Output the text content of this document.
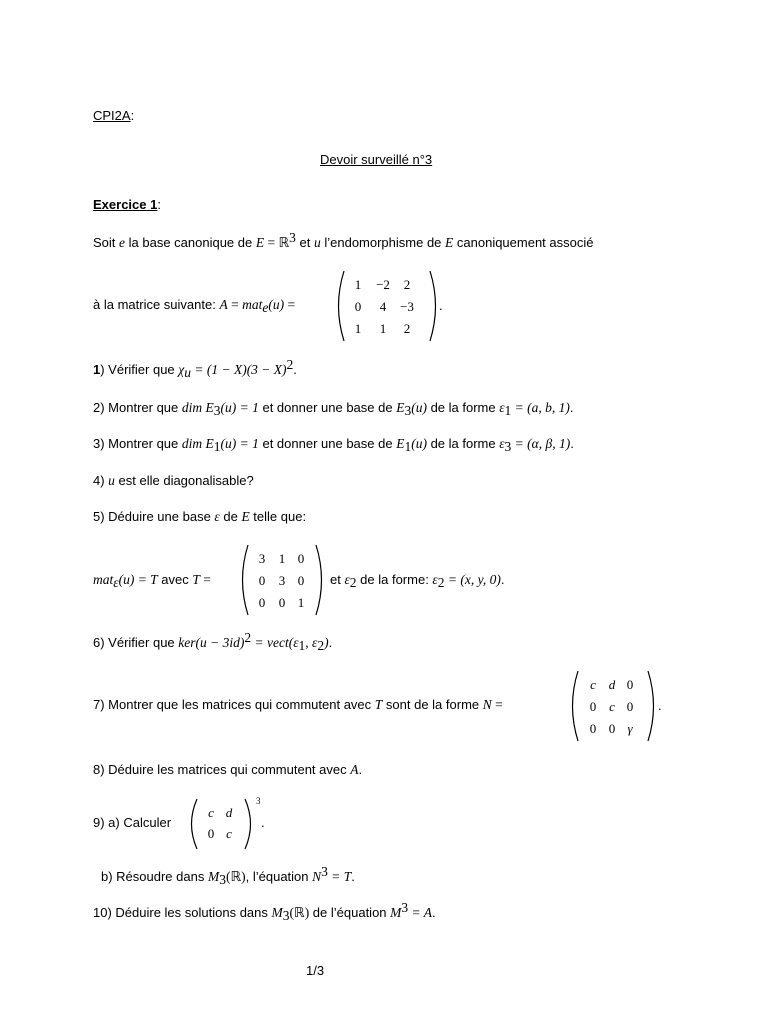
CPI2A:
Devoir surveillé n°3
Exercice 1:
Soit e la base canonique de E = ℝ$^3$ et u l’endomorphisme de E canoniquement associé
à la matrice suivante: A = mat$_e$(u) =
1	−2	2
0	4	−3
1	1	2
.
1) Vérifier que $\chi_u = (1 - X)(3 - X)^2$.
2) Montrer que dim $E_3(u) = 1$ et donner une base de $E_3(u)$ de la forme $\varepsilon_1 = (a$, b, 1).
3) Montrer que dim $E_1(u) = 1$ et donner une base de $E_1(u)$ de la forme $\varepsilon_3 = (\alpha$, β, 1).
4) u est elle diagonalisable?
5) Déduire une base ε de E telle que:
mat$_\varepsilon$(u) = T avec T =
3	1 0
0	3 0
0	0 1
et $\varepsilon_2$ de la forme: $\varepsilon_2 = (x$, y, 0).
6) Vérifier que $ker(u - 3id)^2$ = $vect(\varepsilon_1$, $\varepsilon_2$).
7) Montrer que les matrices qui commutent avec T sont de la forme N =
c d 0
0 c 0
0 0 γ
.
8) Déduire les matrices qui commutent avec A.
9) a) Calculer
c d
0 c
3
.
b) Résoudre dans $M_3(ℝ)$, l’équation $N^3 = T$.
10) Déduire les solutions dans $M_3(ℝ)$ de l’équation $M^3 = A$.
1/3
